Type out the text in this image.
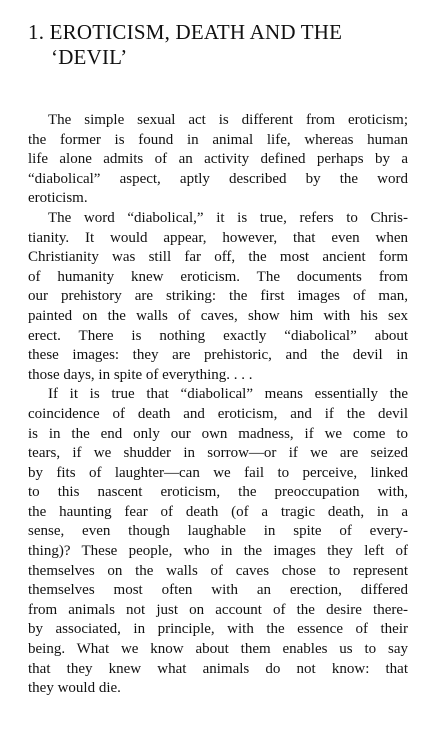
1. EROTICISM, DEATH AND THE
‘DEVIL’

The simple sexual act is different from eroticism;
the former is found in animal life, whereas human
life alone admits of an activity defined perhaps by a
“diabolical” aspect, aptly described by the word
eroticism.

The word “diabolical,” it is true, refers to Chris-
tianity. It would appear, however, that even when
Christianity was still far off, the most ancient form
of humanity knew eroticism. The documents from
our prehistory are striking: the first images of man,
painted on the walls of caves, show him with his sex
erect. There is nothing exactly “diabolical” about
these images: they are prehistoric, and the devil in
those days, in spite of everything. . . .

If it is true that “diabolical” means essentially the
coincidence of death and eroticism, and if the devil
is in the end only our own madness, if we come to
tears, if we shudder in sorrow—or if we are seized
by fits of laughter—can we fail to perceive, linked
to this nascent eroticism, the preoccupation with,
the haunting fear of death (of a tragic death, in a
sense, even though laughable in spite of every-
thing)? These people, who in the images they left of
themselves on the walls of caves chose to represent
themselves most often with an erection, differed
from animals not just on account of the desire there-
by associated, in principle, with the essence of their
being. What we know about them enables us to say
that they knew what animals do not know: that
they would die.
